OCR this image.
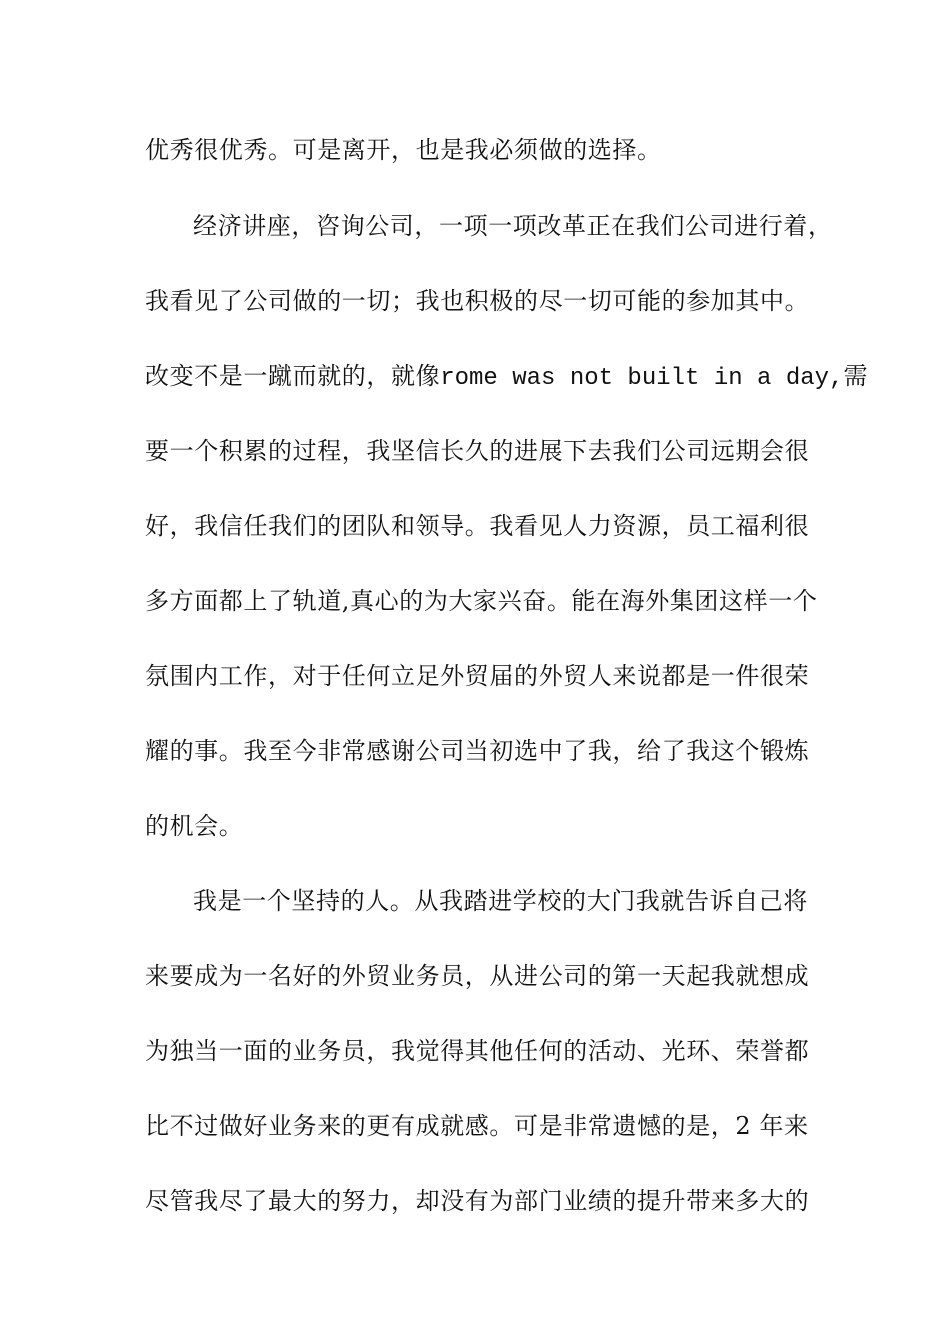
优秀很优秀。可是离开，也是我必须做的选择。
经济讲座，咨询公司，一项一项改革正在我们公司进行着，
我看见了公司做的一切；我也积极的尽一切可能的参加其中。
改变不是一蹴而就的，就像rome was not built in a day,需
要一个积累的过程，我坚信长久的进展下去我们公司远期会很
好，我信任我们的团队和领导。我看见人力资源，员工福利很
多方面都上了轨道,真心的为大家兴奋。能在海外集团这样一个
氛围内工作，对于任何立足外贸届的外贸人来说都是一件很荣
耀的事。我至今非常感谢公司当初选中了我，给了我这个锻炼
的机会。
我是一个坚持的人。从我踏进学校的大门我就告诉自己将
来要成为一名好的外贸业务员，从进公司的第一天起我就想成
为独当一面的业务员，我觉得其他任何的活动、光环、荣誉都
比不过做好业务来的更有成就感。可是非常遗憾的是，2 年来
尽管我尽了最大的努力，却没有为部门业绩的提升带来多大的
